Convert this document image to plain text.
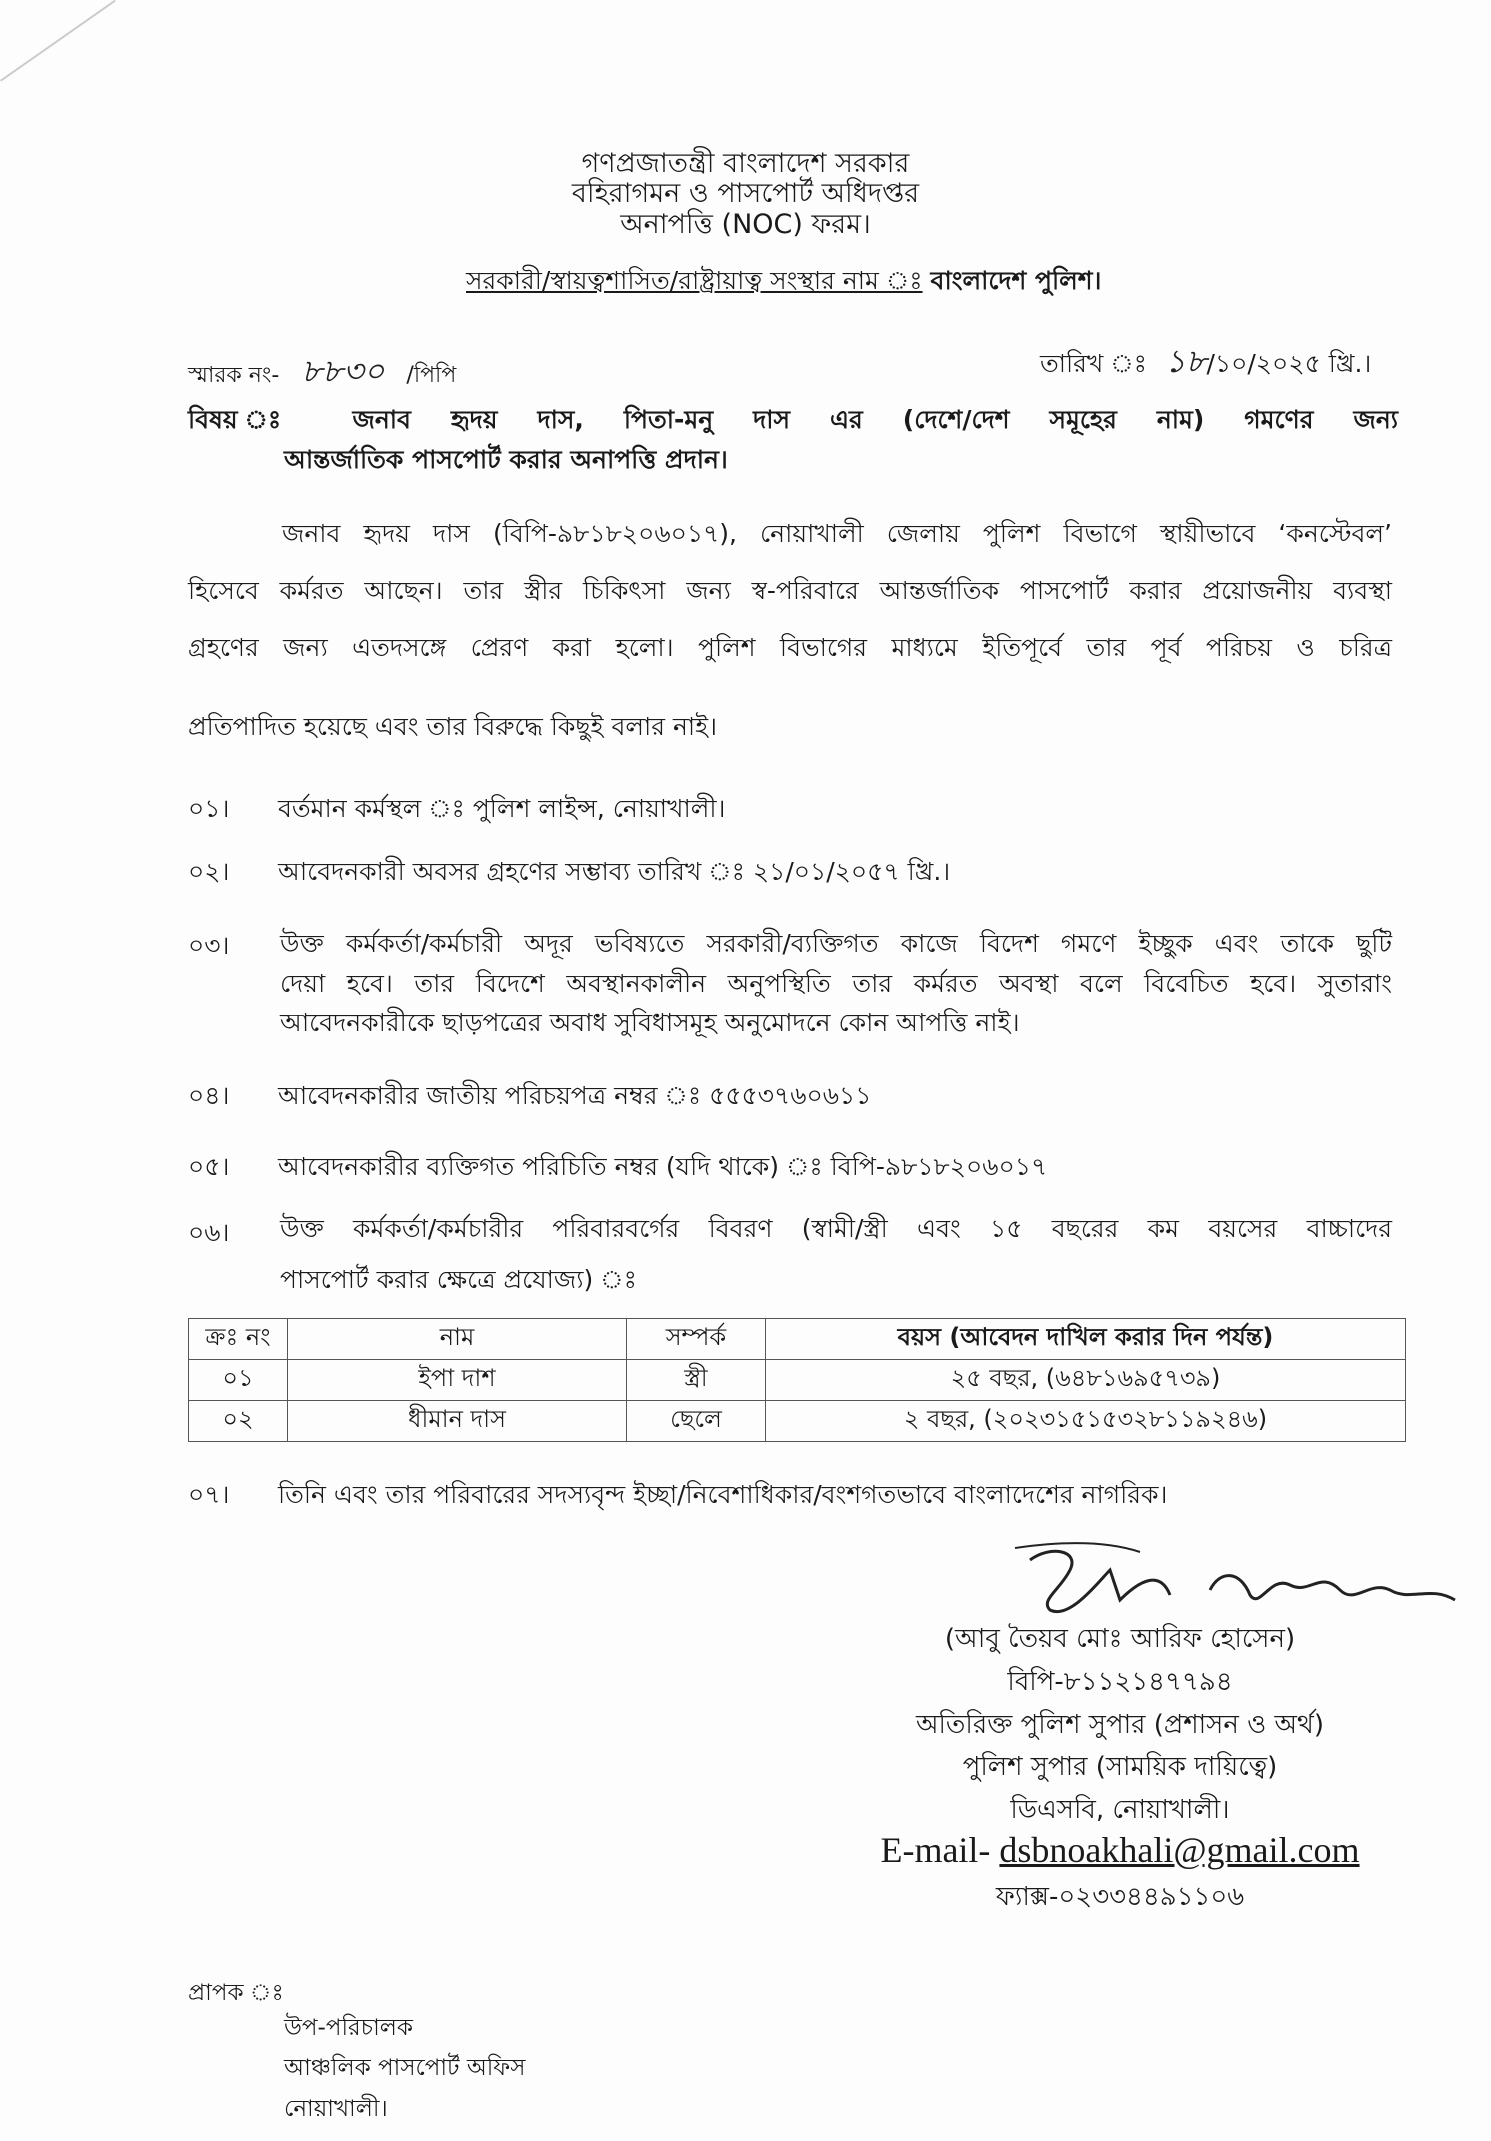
গণপ্রজাতন্ত্রী বাংলাদেশ সরকার
বহিরাগমন ও পাসপোর্ট অধিদপ্তর
অনাপত্তি (NOC) ফরম।
সরকারী/স্বায়ত্বশাসিত/রাষ্ট্রায়াত্ব সংস্থার নাম ঃ বাংলাদেশ পুলিশ।
স্মারক নং- ৮৮৩০ /পিপি	তারিখ ঃ ১৮/১০/২০২৫ খ্রি.।
বিষয় ঃ জনাব হৃদয় দাস, পিতা-মনু দাস এর (দেশে/দেশ সমূহের নাম) গমণের জন্য
আন্তর্জাতিক পাসপোর্ট করার অনাপত্তি প্রদান।
জনাব হৃদয় দাস (বিপি-৯৮১৮২০৬০১৭), নোয়াখালী জেলায় পুলিশ বিভাগে স্থায়ীভাবে ‘কনস্টেবল’
হিসেবে কর্মরত আছেন। তার স্ত্রীর চিকিৎসা জন্য স্ব-পরিবারে আন্তর্জাতিক পাসপোর্ট করার প্রয়োজনীয় ব্যবস্থা
গ্রহণের জন্য এতদসঙ্গে প্রেরণ করা হলো। পুলিশ বিভাগের মাধ্যমে ইতিপূর্বে তার পূর্ব পরিচয় ও চরিত্র
প্রতিপাদিত হয়েছে এবং তার বিরুদ্ধে কিছুই বলার নাই।
০১। বর্তমান কর্মস্থল ঃ পুলিশ লাইন্স, নোয়াখালী।
০২। আবেদনকারী অবসর গ্রহণের সম্ভাব্য তারিখ ঃ ২১/০১/২০৫৭ খ্রি.।
০৩। উক্ত কর্মকর্তা/কর্মচারী অদূর ভবিষ্যতে সরকারী/ব্যক্তিগত কাজে বিদেশ গমণে ইচ্ছুক এবং তাকে ছুটি
দেয়া হবে। তার বিদেশে অবস্থানকালীন অনুপস্থিতি তার কর্মরত অবস্থা বলে বিবেচিত হবে। সুতারাং
আবেদনকারীকে ছাড়পত্রের অবাধ সুবিধাসমূহ অনুমোদনে কোন আপত্তি নাই।
০৪। আবেদনকারীর জাতীয় পরিচয়পত্র নম্বর ঃ ৫৫৫৩৭৬০৬১১
০৫। আবেদনকারীর ব্যক্তিগত পরিচিতি নম্বর (যদি থাকে) ঃ বিপি-৯৮১৮২০৬০১৭
০৬। উক্ত কর্মকর্তা/কর্মচারীর পরিবারবর্গের বিবরণ (স্বামী/স্ত্রী এবং ১৫ বছরের কম বয়সের বাচ্চাদের
পাসপোর্ট করার ক্ষেত্রে প্রযোজ্য) ঃ
ক্রঃ নং	নাম	সম্পর্ক	বয়স (আবেদন দাখিল করার দিন পর্যন্ত)
০১	ইপা দাশ	স্ত্রী	২৫ বছর, (৬৪৮১৬৯৫৭৩৯)
০২	ধীমান দাস	ছেলে	২ বছর, (২০২৩১৫১৫৩২৮১১৯২৪৬)
০৭। তিনি এবং তার পরিবারের সদস্যবৃন্দ ইচ্ছা/নিবেশাধিকার/বংশগতভাবে বাংলাদেশের নাগরিক।
(আবু তৈয়ব মোঃ আরিফ হোসেন)
বিপি-৮১১২১৪৭৭৯৪
অতিরিক্ত পুলিশ সুপার (প্রশাসন ও অর্থ)
পুলিশ সুপার (সাময়িক দায়িত্বে)
ডিএসবি, নোয়াখালী।
E-mail- dsbnoakhali@gmail.com
ফ্যাক্স-০২৩৩৪৪৯১১০৬
প্রাপক ঃ
উপ-পরিচালক
আঞ্চলিক পাসপোর্ট অফিস
নোয়াখালী।
